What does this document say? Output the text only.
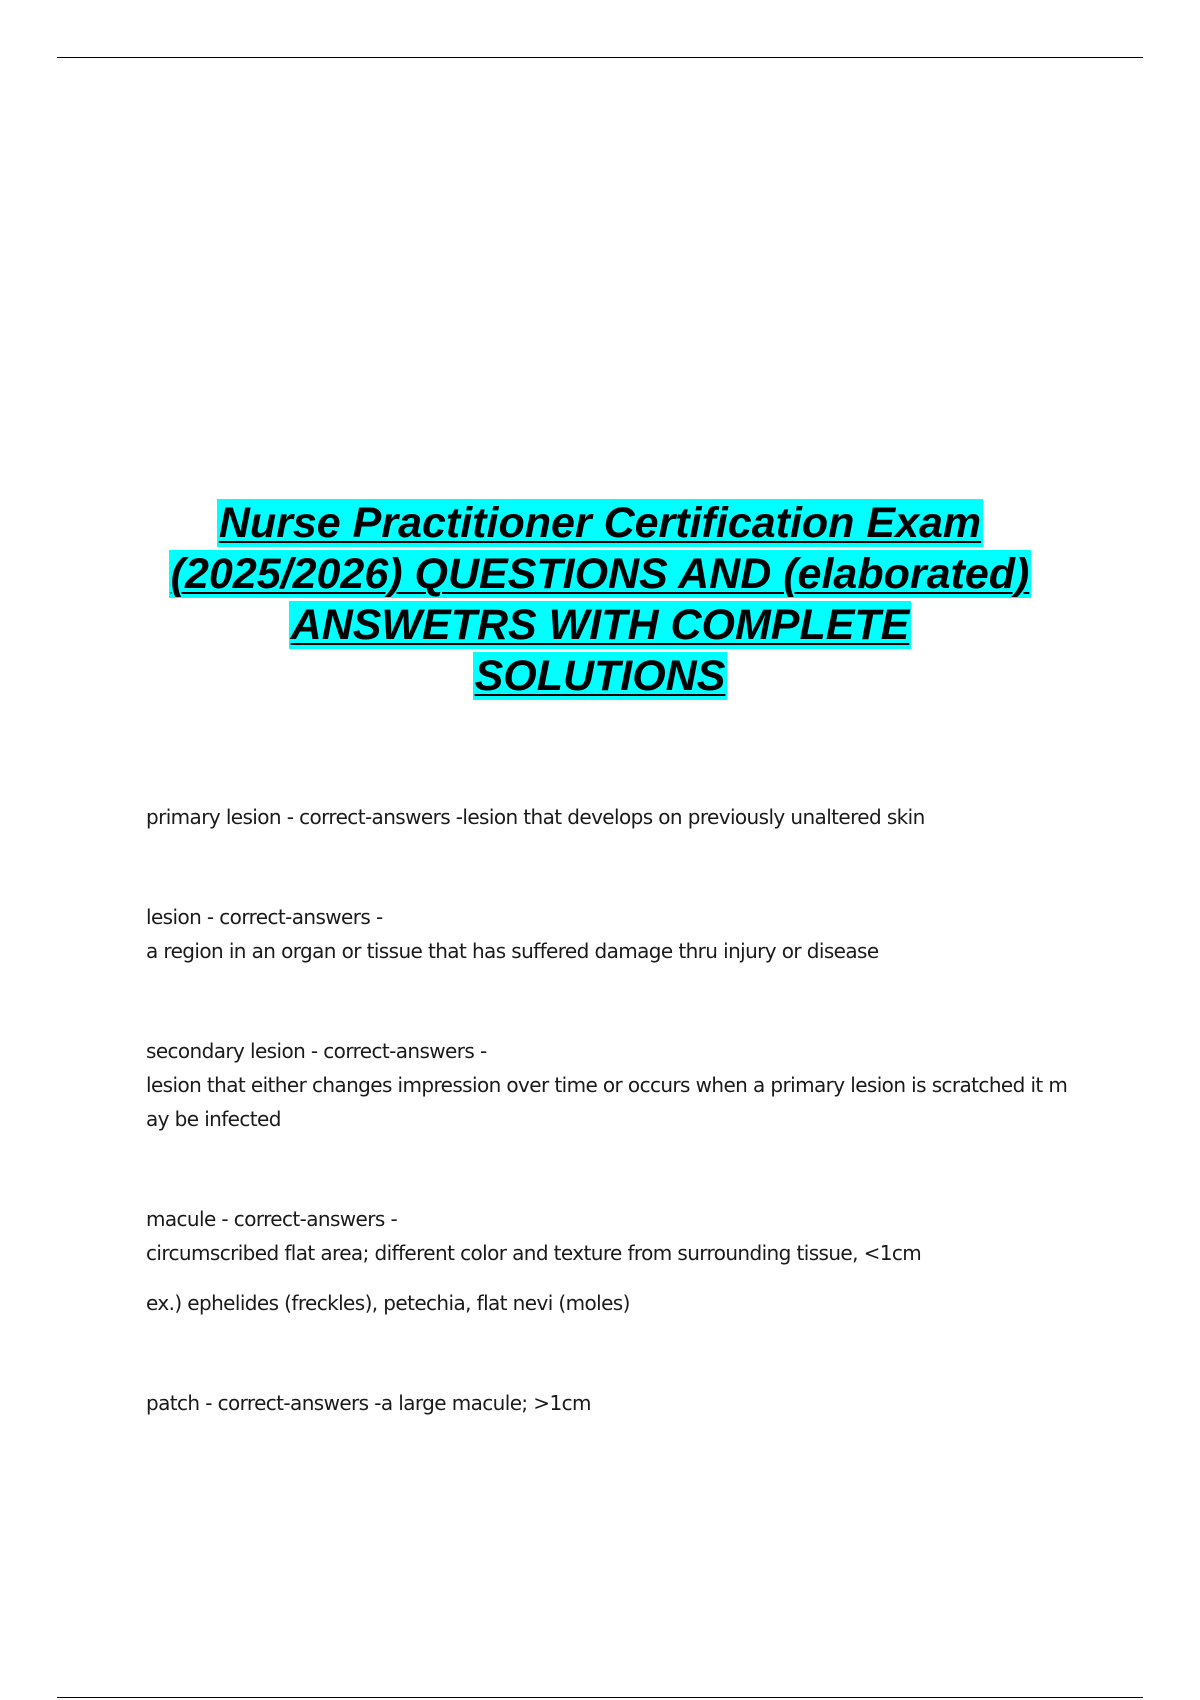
Nurse Practitioner Certification Exam
(2025/2026) QUESTIONS AND (elaborated)
ANSWETRS WITH COMPLETE
SOLUTIONS

primary lesion - correct-answers -lesion that develops on previously unaltered skin

lesion - correct-answers -

a region in an organ or tissue that has suffered damage thru injury or disease

secondary lesion - correct-answers -

lesion that either changes impression over time or occurs when a primary lesion is scratched it m

ay be infected

macule - correct-answers -

circumscribed flat area; different color and texture from surrounding tissue, <1cm

ex.) ephelides (freckles), petechia, flat nevi (moles)

patch - correct-answers -a large macule; >1cm
